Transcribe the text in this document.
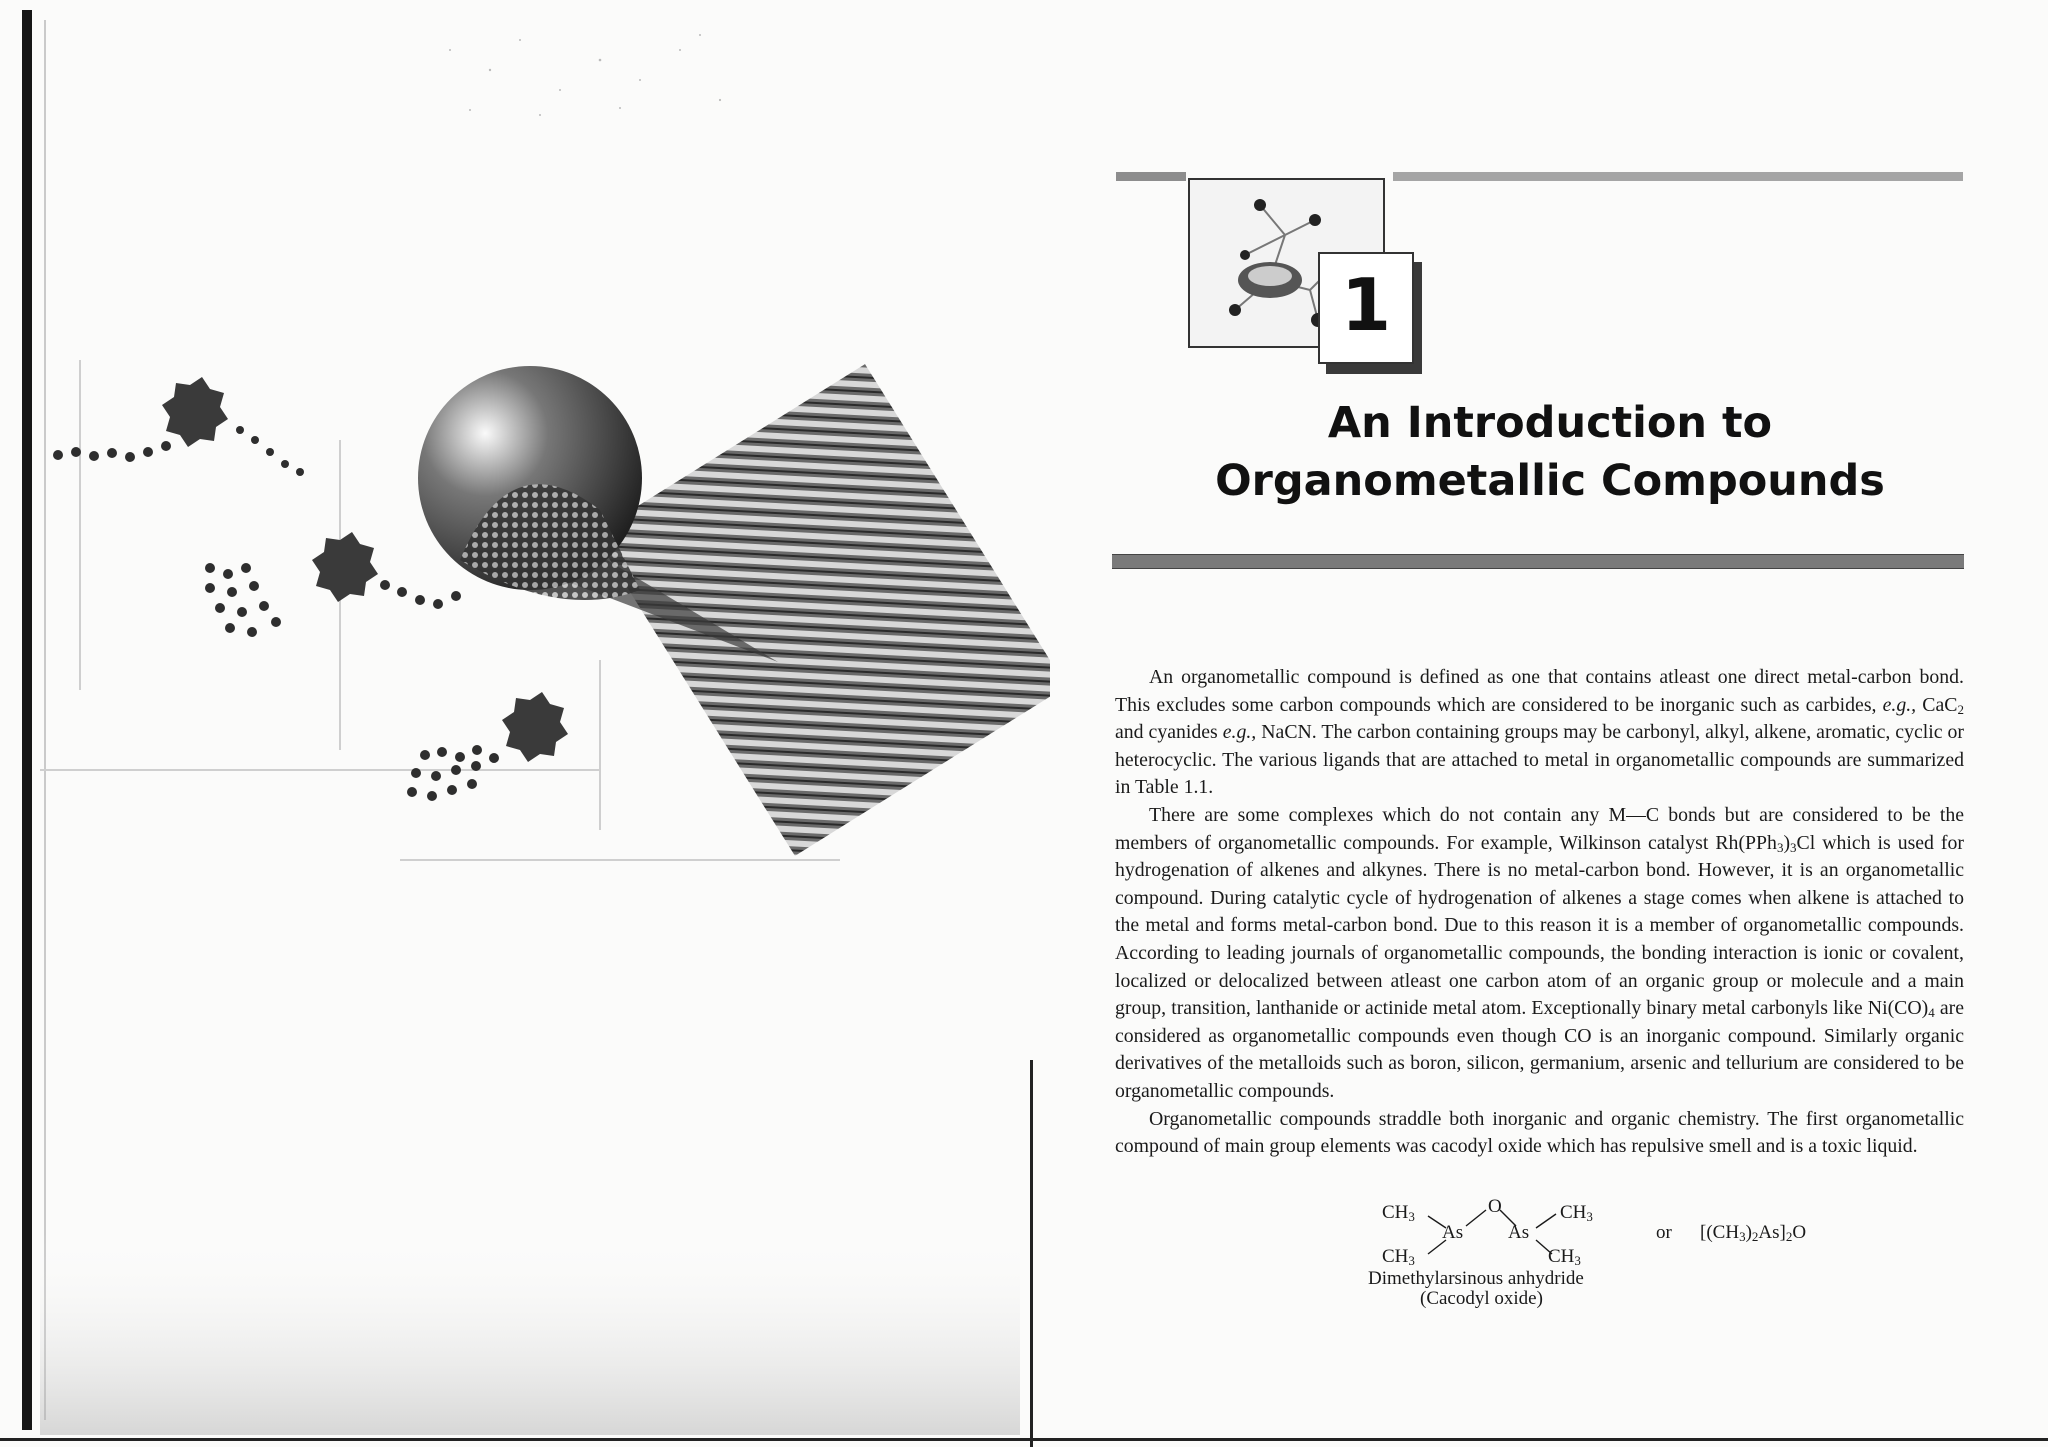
1
An Introduction to
Organometallic Compounds

An organometallic compound is defined as one that contains atleast one direct metal-carbon bond. This excludes some carbon compounds which are considered to be inorganic such as carbides, e.g., CaC$_2$ and cyanides e.g., NaCN. The carbon containing groups may be carbonyl, alkyl, alkene, aromatic, cyclic or heterocyclic. The various ligands that are attached to metal in organometallic compounds are summarized in Table 1.1.

There are some complexes which do not contain any M—C bonds but are considered to be the members of organometallic compounds. For example, Wilkinson catalyst $Rh(PPh_3)_3Cl$ which is used for hydrogenation of alkenes and alkynes. There is no metal-carbon bond. However, it is an organometallic compound. During catalytic cycle of hydrogenation of alkenes a stage comes when alkene is attached to the metal and forms metal-carbon bond. Due to this reason it is a member of organometallic compounds. According to leading journals of organometallic compounds, the bonding interaction is ionic or covalent, localized or delocalized between atleast one carbon atom of an organic group or molecule and a main group, transition, lanthanide or actinide metal atom. Exceptionally binary metal carbonyls like $Ni(CO)_4$ are considered as organometallic compounds even though CO is an inorganic compound. Similarly organic derivatives of the metalloids such as boron, silicon, germanium, arsenic and tellurium are considered to be organometallic compounds.

Organometallic compounds straddle both inorganic and organic chemistry. The first organometallic compound of main group elements was cacodyl oxide which has repulsive smell and is a toxic liquid.

$CH_3$	O	$CH_3$
As As
$CH_3$	$CH_3$
or $[(CH_3)_2As]_2O$
Dimethylarsinous anhydride
(Cacodyl oxide)
